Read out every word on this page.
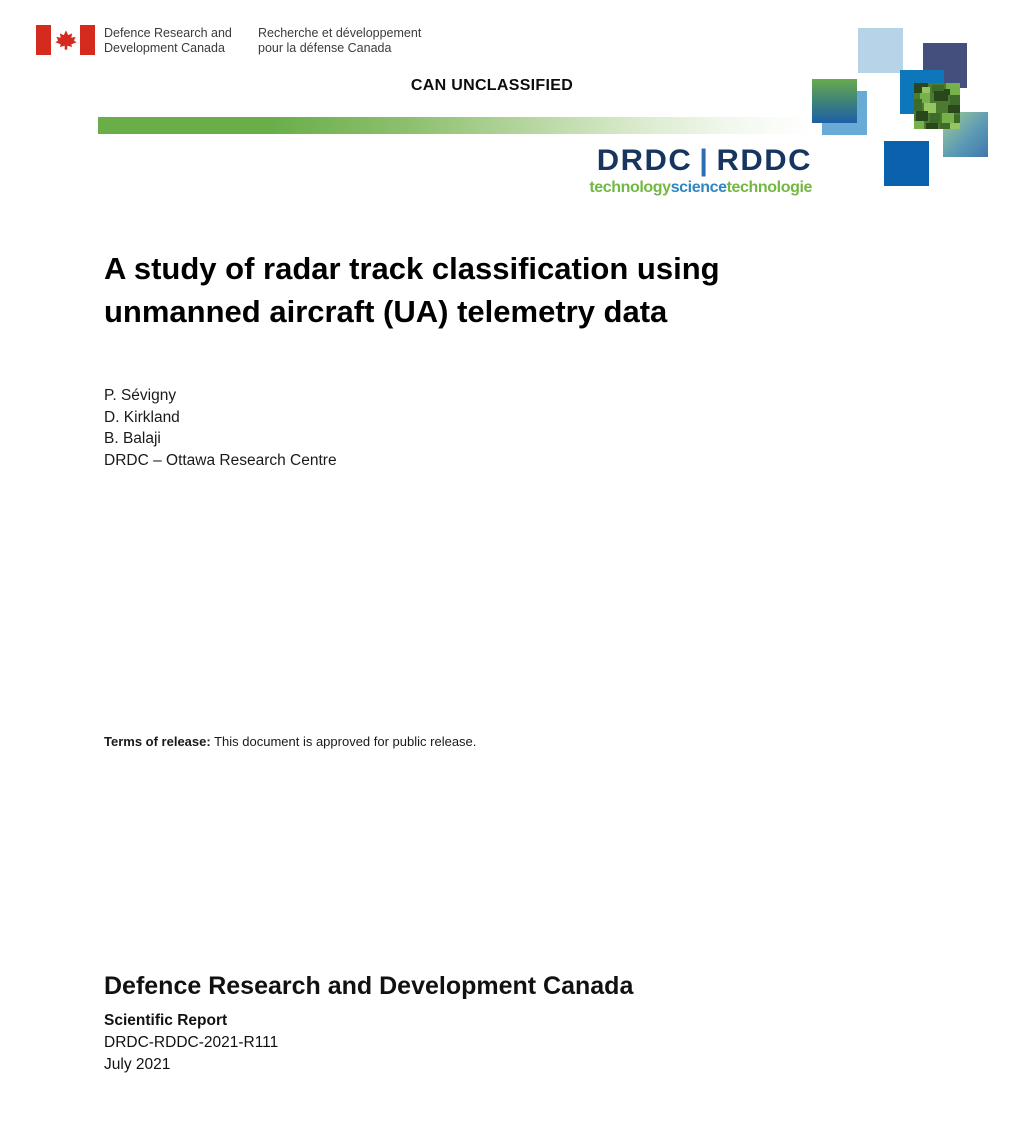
Defence Research and
Development Canada
Recherche et développement
pour la défense Canada
CAN UNCLASSIFIED
DRDC | RDDC
technologysciencetechnologie
A study of radar track classification using
unmanned aircraft (UA) telemetry data
P. Sévigny
D. Kirkland
B. Balaji
DRDC – Ottawa Research Centre
Terms of release: This document is approved for public release.
Defence Research and Development Canada
Scientific Report
DRDC-RDDC-2021-R111
July 2021
